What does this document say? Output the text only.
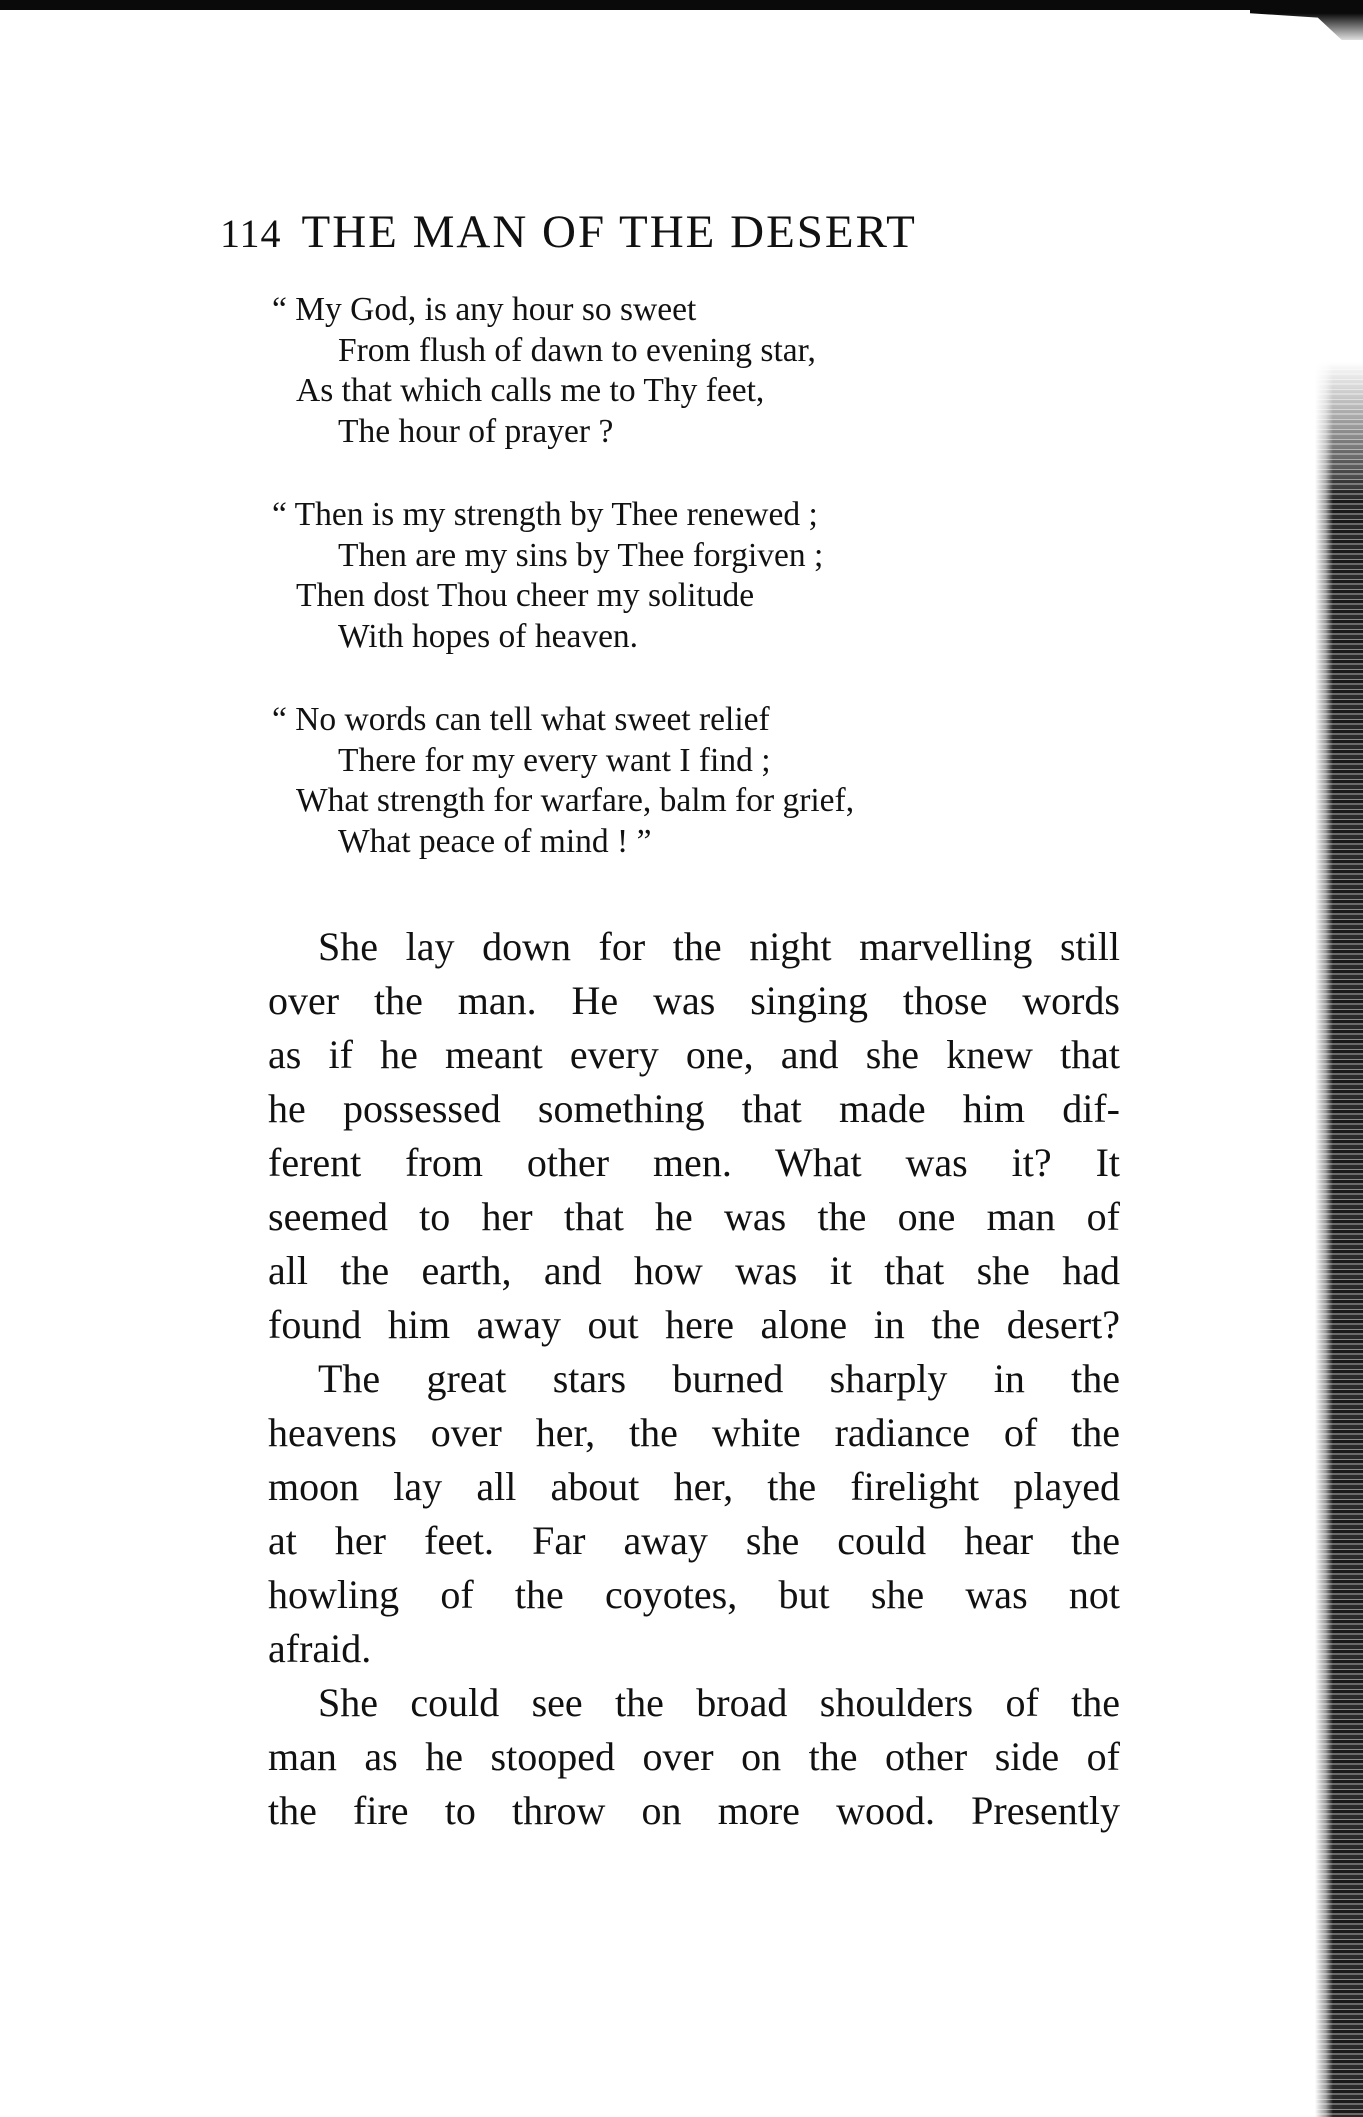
114 THE MAN OF THE DESERT
“ My God, is any hour so sweet
From flush of dawn to evening star,
As that which calls me to Thy feet,
The hour of prayer ?
“ Then is my strength by Thee renewed ;
Then are my sins by Thee forgiven ;
Then dost Thou cheer my solitude
With hopes of heaven.
“ No words can tell what sweet relief
There for my every want I find ;
What strength for warfare, balm for grief,
What peace of mind ! ”
She lay down for the night marvelling still
over the man. He was singing those words
as if he meant every one, and she knew that
he possessed something that made him dif-
ferent from other men. What was it? It
seemed to her that he was the one man of
all the earth, and how was it that she had
found him away out here alone in the desert?
The great stars burned sharply in the
heavens over her, the white radiance of the
moon lay all about her, the firelight played
at her feet. Far away she could hear the
howling of the coyotes, but she was not
afraid.
She could see the broad shoulders of the
man as he stooped over on the other side of
the fire to throw on more wood. Presently
